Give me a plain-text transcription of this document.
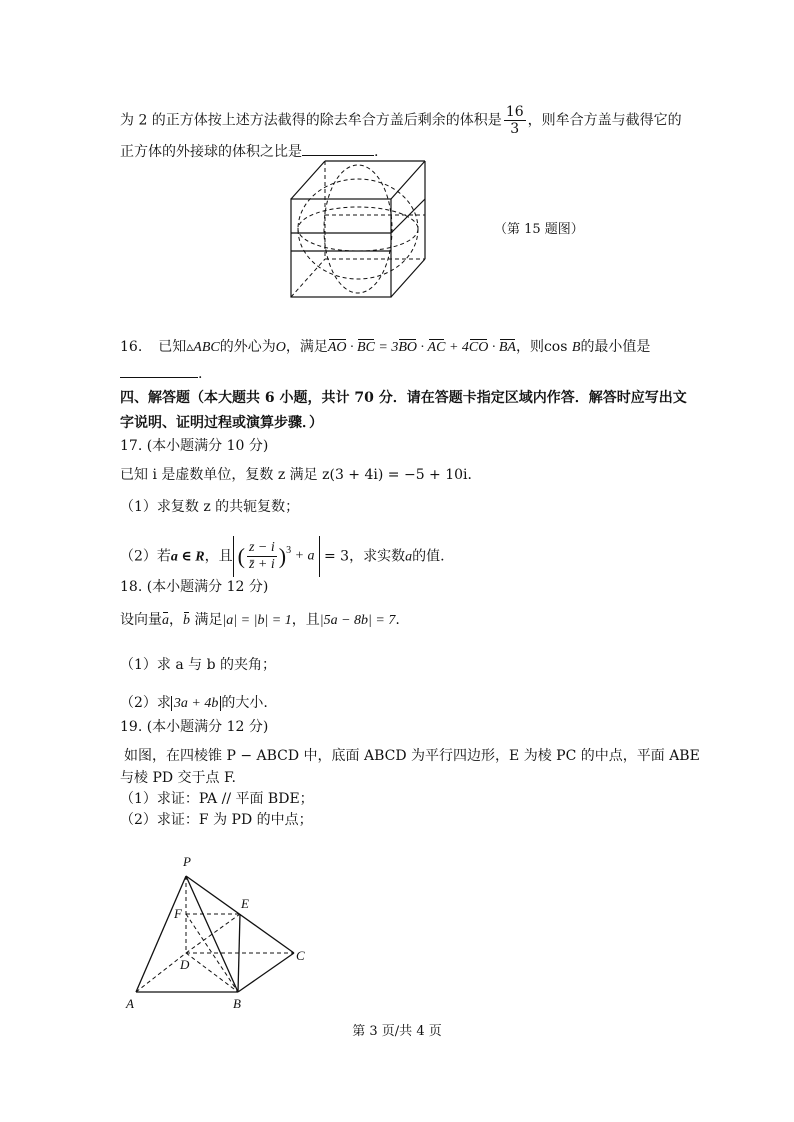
为 2 的正方体按上述方法截得的除去牟合方盖后剩余的体积是 $\frac{16}{3}$ ，则牟合方盖与截得它的
正方体的外接球的体积之比是	.
（第 15 题图）
16. 已知▵ABC的外心为O，满足AO · BC = 3BO · AC + 4CO · BA，则cos B的最小值是
.
四、解答题（本大题共 6 小题，共计 70 分．请在答题卡指定区域内作答．解答时应写出文
字说明、证明过程或演算步骤．）
17. (本小题满分 10 分)
已知 i 是虚数单位，复数 z 满足 z(3 + 4i) = −5 + 10i．
（1）求复数 z 的共轭复数；
（2）若a ∈ R，且 ( $\frac{z - i}{z̄ + i} )^3 + a = 3$，求实数a的值.
18. (本小题满分 12 分)
设向量a，b 满足|a| = |b| = 1，且|5a − 8b| = 7.
（1）求 a 与 b 的夹角；
（2）求 3a + 4b 的大小.
19. (本小题满分 12 分)
如图，在四棱锥 P − ABCD 中，底面 ABCD 为平行四边形，E 为棱 PC 的中点，平面 ABE
与棱 PD 交于点 F.
（1）求证：PA // 平面 BDE；
（2）求证：F 为 PD 的中点；
P
F
E
D
C
A	B
第 3 页/共 4 页
